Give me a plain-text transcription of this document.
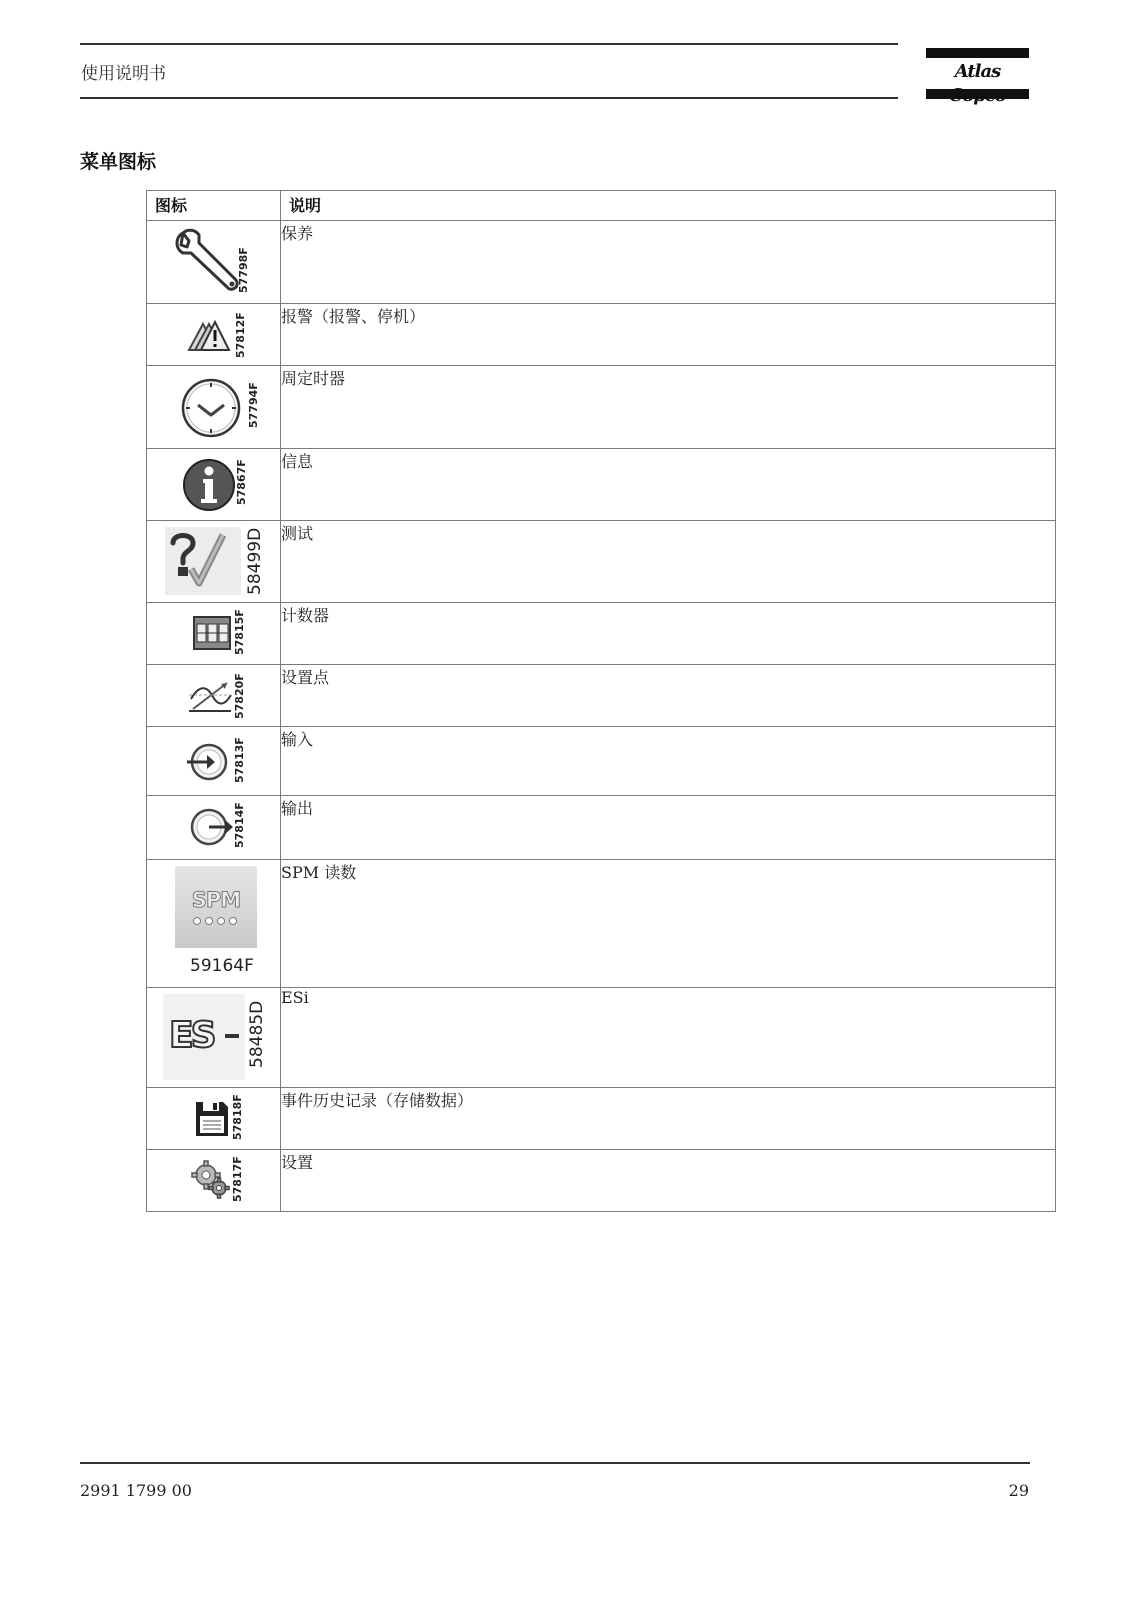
使用说明书	Atlas
菜单图标
图标	说明

57798F	保养

57812F	报警（报警、停机）

57794F	周定时器

57867F	信息

58499D	测试

57815F	计数器

57820F	设置点

57813F	输入

57814F	输出

SPM
59164F	SPM 读数

ES 58485D	ESi

57818F	事件历史记录（存储数据）

57817F	设置
2991 1799 00	29
